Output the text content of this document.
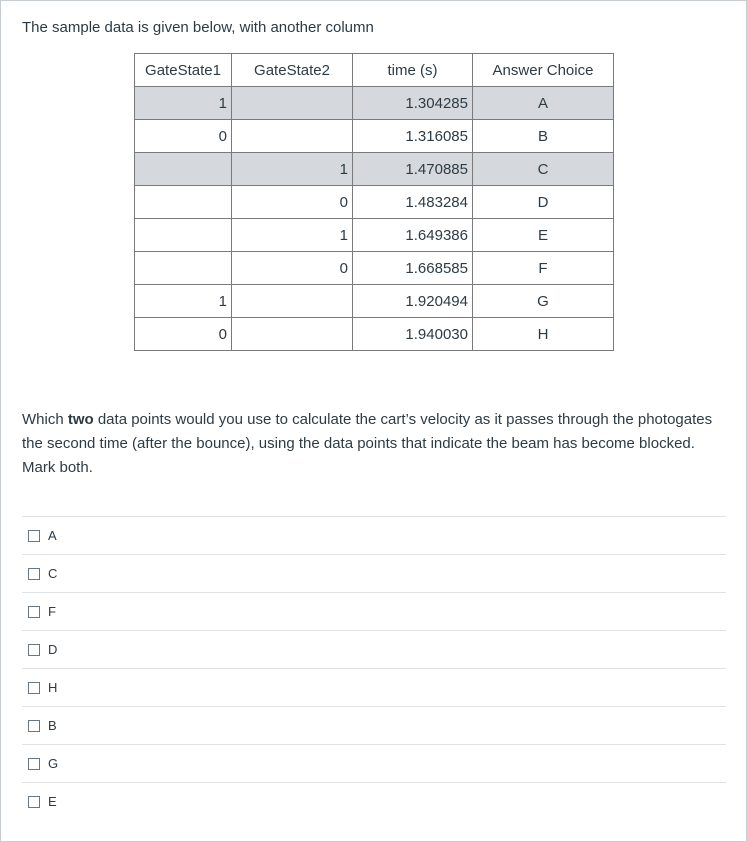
The sample data is given below, with another column
GateState1	GateState2	time (s)	Answer Choice
1		1.304285	A
0		1.316085	B
	1	1.470885	C
	0	1.483284	D
	1	1.649386	E
	0	1.668585	F
1		1.920494	G
0		1.940030	H
Which two data points would you use to calculate the cart’s velocity as it passes through the photogates the second time (after the bounce), using the data points that indicate the beam has become blocked. Mark both.
A
C
F
D
H
B
G
E
